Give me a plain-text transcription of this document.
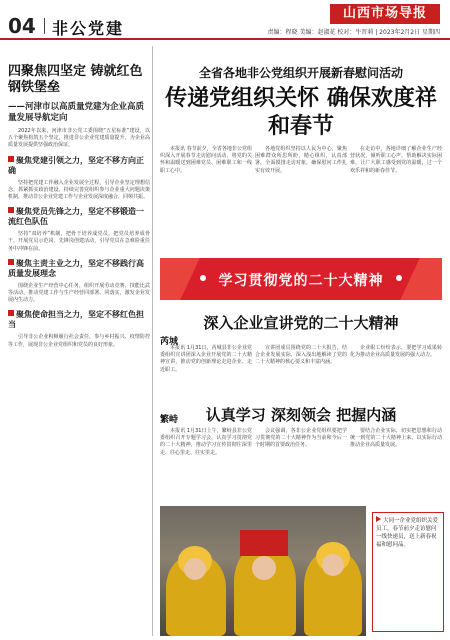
04 非公党建
山西市场导报
责编：程晓 美编：赵淑花 校对：牛晋莉 | 2023年2月2日 星期四
四聚焦四坚定 铸就红色钢铁堡垒
——河津市以高质量党建为企业高质量发展导航定向
2022年以来，河津市非公党工委围绕“五星标准”建设，以五个聚焦构筑五个坚定，推进非公企业党建质量提升，为企业高质量发展提供坚强政治保证。
聚焦党建引领之力，坚定不移方向正确
坚持把党建工作融入企业发展全过程，引导企业坚定理想信念，抓紧抓实政治建设，持续完善党组织参与企业重大问题决策机制，推动非公企业党建工作与企业发展深度融合，同频共振。
聚焦党员先锋之力，坚定不移锻造一流红色队伍
坚持“双培养”机制，把骨干培养成党员，把党员培养成骨干，开展党员示范岗、先锋岗创建活动，引导党员在急难险重任务中冲锋在前。
聚焦主责主业之力，坚定不移践行高质量发展理念
围绕企业生产经营中心任务，组织开展劳动竞赛、技能比武等活动，推动党建工作与生产经营同部署、同落实，激发企业发展内生动力。
聚焦使命担当之力，坚定不移红色担当
引导非公企业积极履行社会责任，参与乡村振兴、疫情防控等工作，展现非公企业党组织和党员的良好形象。
全省各地非公党组织开展新春慰问活动
传递党组织关怀 确保欢度祥和春节
本报讯 春节前夕，全省各地非公党组织深入开展春节走访慰问活动，将党的关怀和温暖送到困难党员、困难职工和一线职工心中。
各地党组织坚持以人民为中心，聚焦困难群众所思所盼，精心组织，认真部署，全面摸排走访对象，确保慰问工作扎实有效开展。
在走访中，各地详细了解企业生产经营状况，倾听职工心声，帮助解决实际困难，让广大职工感受到党的温暖，过一个欢乐祥和的新春佳节。
学习贯彻党的二十大精神
芮城
深入企业宣讲党的二十大精神
本报讯 1月31日，芮城县非公企业党委组织宣讲团深入企业开展党的二十大精神宣讲，推动党的创新理论走进企业、走近职工。
宣讲团成员围绕党的二十大报告，结合企业发展实际，深入浅出地解读了党的二十大精神的核心要义和丰富内涵。
企业职工纷纷表示，要把学习成果转化为推动企业高质量发展的强大动力。
繁峙	认真学习 深刻领会 把握内涵
本报讯 1月31日上午，繁峙县非公党委组织召开专题学习会，认真学习贯彻党的二十大精神，推动学习宣传贯彻往深里走、往心里走、往实里走。
会议强调，各非公企业党组织要把学习贯彻党的二十大精神作为当前和今后一个时期的首要政治任务。
要结合企业实际，切实把思想和行动统一到党的二十大精神上来，以实际行动推动企业高质量发展。
大同一企业党组织关爱员工，春节前夕走访慰问一线快递员，送上新春祝福和慰问品。
